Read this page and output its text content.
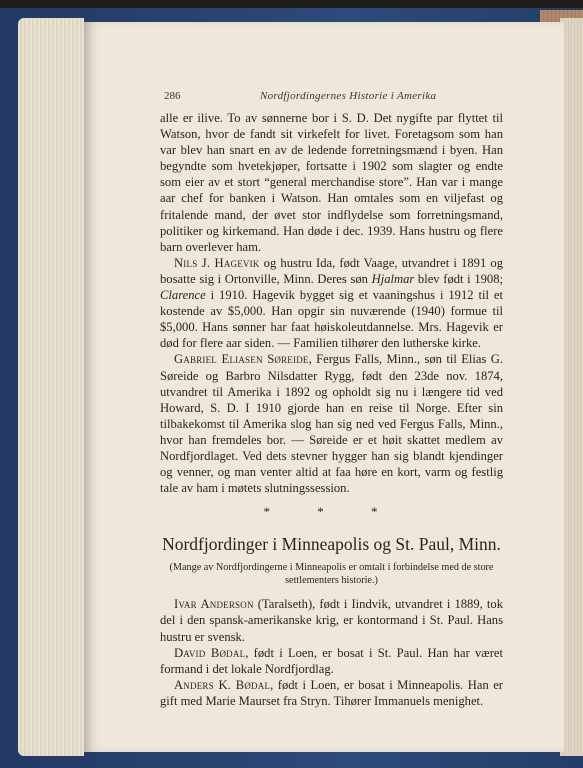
286	Nordfjordingernes Historie i Amerika

alle er ilive. To av sønnerne bor i S. D. Det nygifte par flyttet til Watson, hvor de fandt sit virkefelt for livet. Foretagsom som han var blev han snart en av de ledende forretningsmænd i byen. Han begyndte som hvetekjøper, fortsatte i 1902 som slagter og endte som eier av et stort “general merchandise store”. Han var i mange aar chef for banken i Watson. Han omtales som en viljefast og fritalende mand, der øvet stor indflydelse som forretningsmand, politiker og kirkemand. Han døde i dec. 1939. Hans hustru og flere barn overlever ham.

Nils J. Hagevik og hustru Ida, født Vaage, utvandret i 1891 og bosatte sig i Ortonville, Minn. Deres søn Hjalmar blev født i 1908; Clarence i 1910. Hagevik bygget sig et vaaningshus i 1912 til et kostende av $5,000. Han opgir sin nuværende (1940) formue til $5,000. Hans sønner har faat høiskoleutdannelse. Mrs. Hagevik er død for flere aar siden. — Familien tilhører den lutherske kirke.

Gabriel Eliasen Søreide, Fergus Falls, Minn., søn til Elias G. Søreide og Barbro Nilsdatter Rygg, født den 23de nov. 1874, utvandret til Amerika i 1892 og opholdt sig nu i længere tid ved Howard, S. D. I 1910 gjorde han en reise til Norge. Efter sin tilbakekomst til Amerika slog han sig ned ved Fergus Falls, Minn., hvor han fremdeles bor. — Søreide er et høit skattet medlem av Nordfjordlaget. Ved dets stevner hygger han sig blandt kjendinger og venner, og man venter altid at faa høre en kort, varm og festlig tale av ham i møtets slutningssession.

* * *
Nordfjordinger i Minneapolis og St. Paul, Minn.
(Mange av Nordfjordingerne i Minneapolis er omtalt i forbindelse med de store settlementers historie.)

Ivar Anderson (Taralseth), født i Iindvik, utvandret i 1889, tok del i den spansk-amerikanske krig, er kontormand i St. Paul. Hans hustru er svensk.

David Bødal, født i Loen, er bosat i St. Paul. Han har været formand i det lokale Nordfjordlag.

Anders K. Bødal, født i Loen, er bosat i Minneapolis. Han er gift med Marie Maurset fra Stryn. Tihører Immanuels menighet.
